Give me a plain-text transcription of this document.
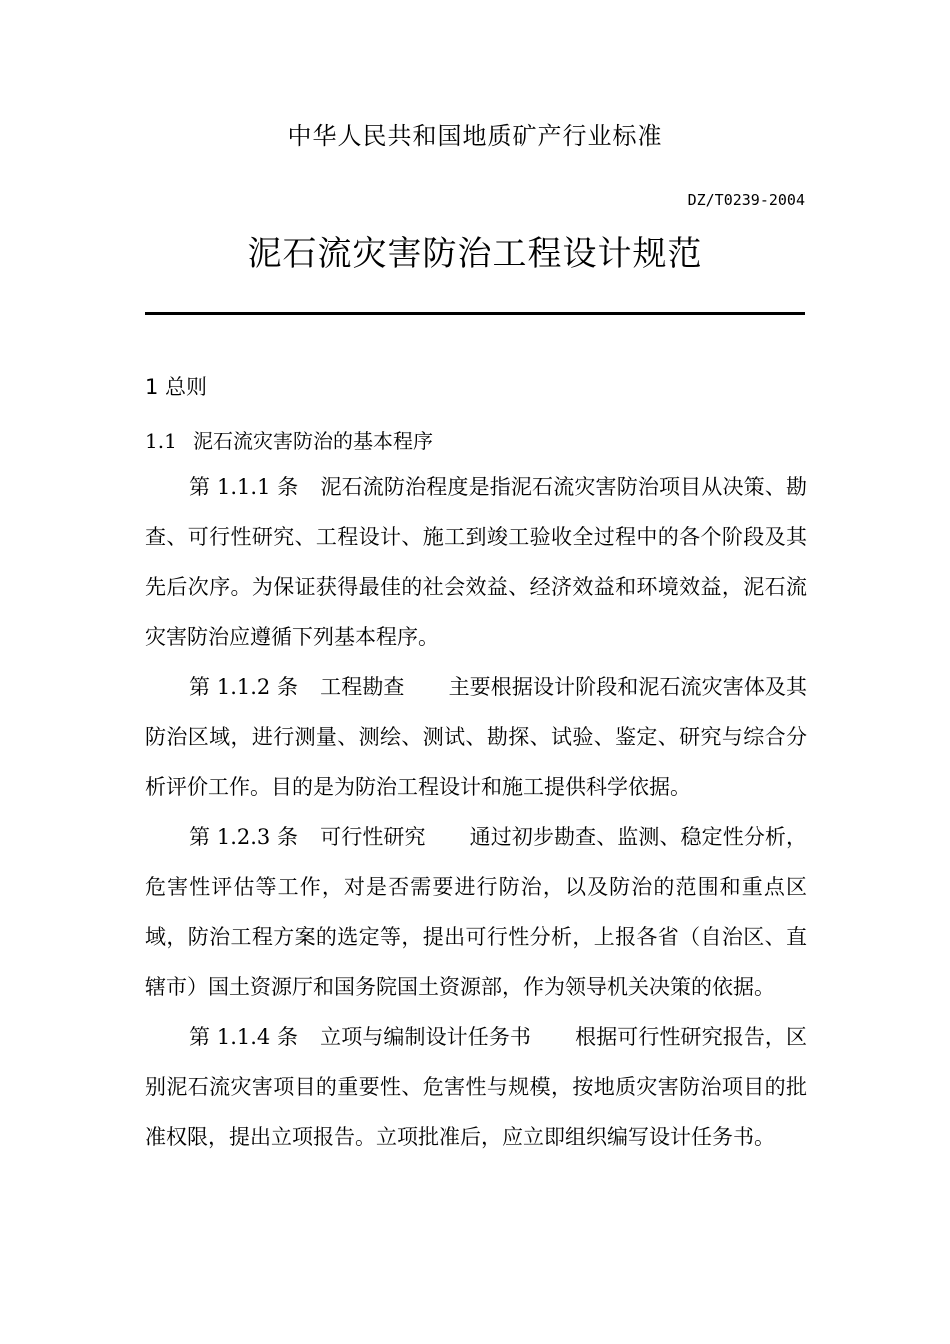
中华人民共和国地质矿产行业标准
DZ/T0239-2004
泥石流灾害防治工程设计规范
1 总则
1.1 泥石流灾害防治的基本程序

第 1.1.1 条 泥石流防治程度是指泥石流灾害防治项目从决策、勘查、可行性研究、工程设计、施工到竣工验收全过程中的各个阶段及其先后次序。为保证获得最佳的社会效益、经济效益和环境效益，泥石流灾害防治应遵循下列基本程序。

第 1.1.2 条 工程勘查 主要根据设计阶段和泥石流灾害体及其防治区域，进行测量、测绘、测试、勘探、试验、鉴定、研究与综合分析评价工作。目的是为防治工程设计和施工提供科学依据。

第 1.2.3 条 可行性研究 通过初步勘查、监测、稳定性分析，危害性评估等工作，对是否需要进行防治，以及防治的范围和重点区域，防治工程方案的选定等，提出可行性分析，上报各省（自治区、直辖市）国土资源厅和国务院国土资源部，作为领导机关决策的依据。

第 1.1.4 条 立项与编制设计任务书 根据可行性研究报告，区别泥石流灾害项目的重要性、危害性与规模，按地质灾害防治项目的批准权限，提出立项报告。立项批准后，应立即组织编写设计任务书。
